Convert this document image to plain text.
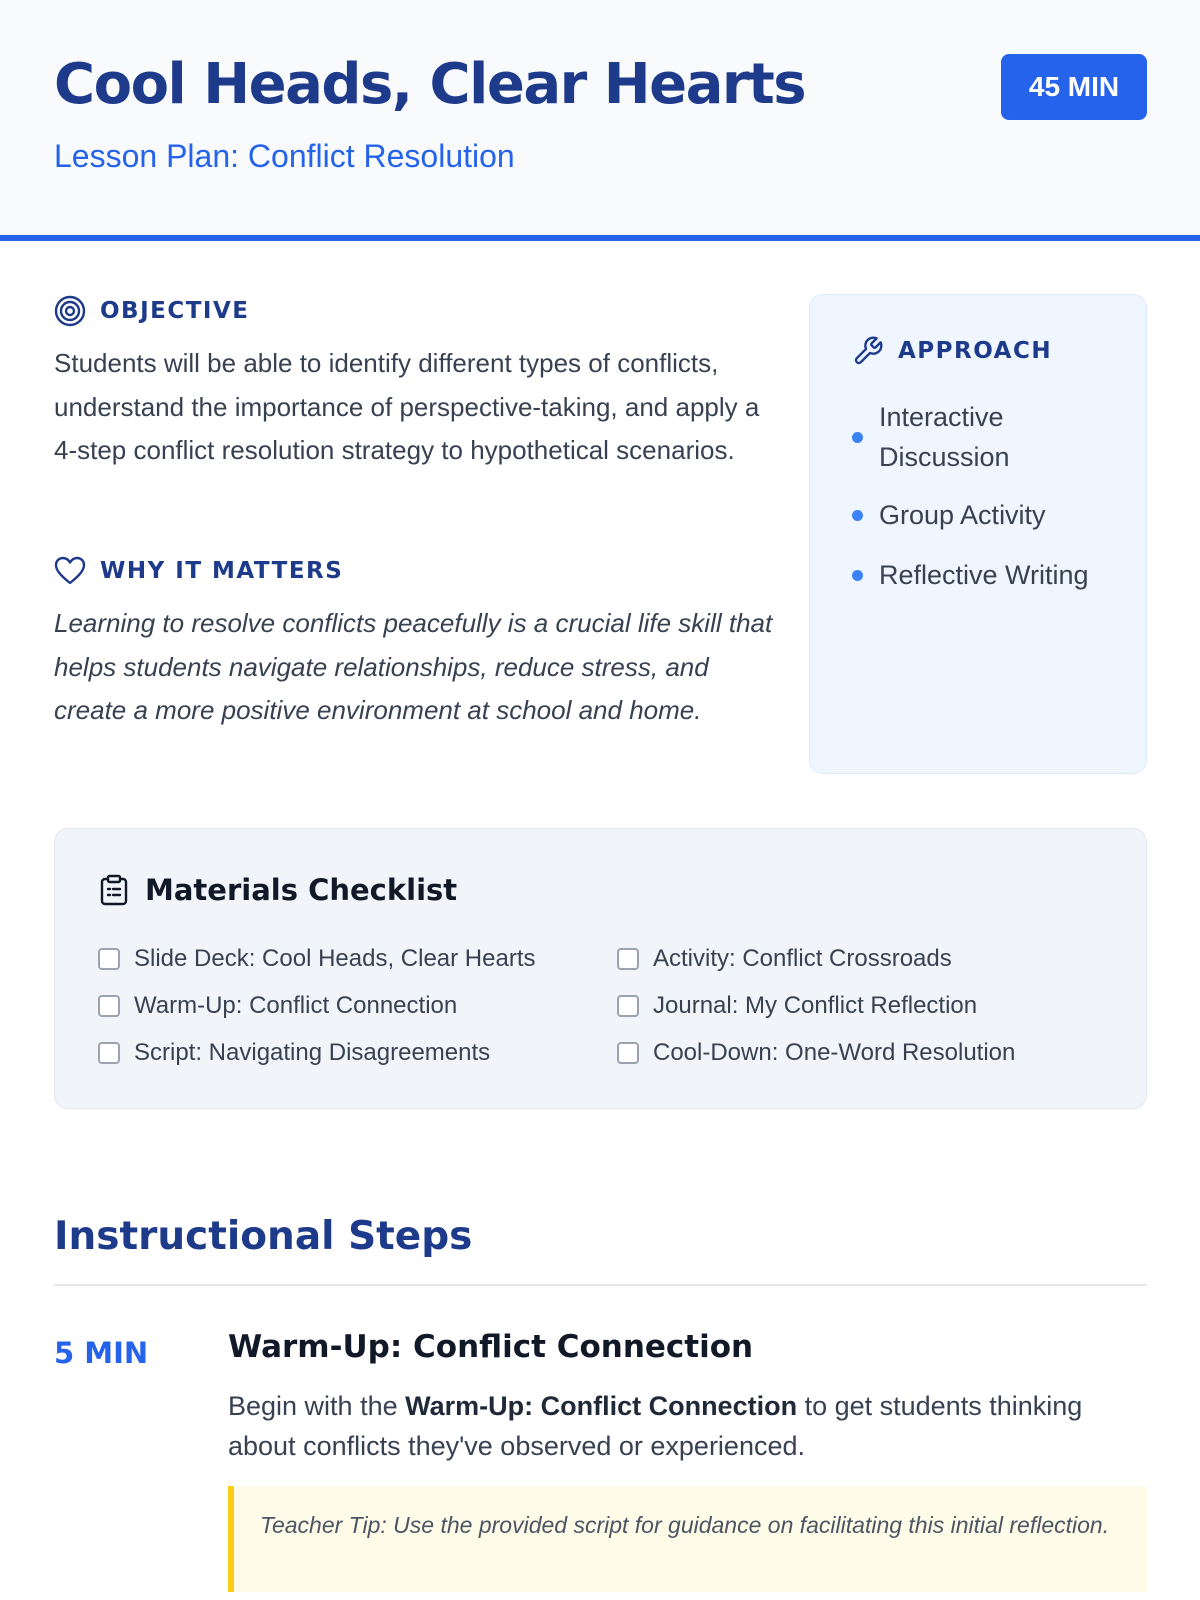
Cool Heads, Clear Hearts
Lesson Plan: Conflict Resolution
45 MIN
OBJECTIVE

Students will be able to identify different types of conflicts, understand the importance of perspective-taking, and apply a 4-step conflict resolution strategy to hypothetical scenarios.

WHY IT MATTERS

Learning to resolve conflicts peacefully is a crucial life skill that helps students navigate relationships, reduce stress, and create a more positive environment at school and home.

APPROACH
Interactive Discussion
Group Activity
Reflective Writing
Materials Checklist
Slide Deck: Cool Heads, Clear Hearts
Warm-Up: Conflict Connection
Script: Navigating Disagreements
Activity: Conflict Crossroads
Journal: My Conflict Reflection
Cool-Down: One-Word Resolution
Instructional Steps
5 MIN	Warm-Up: Conflict Connection

Begin with the Warm-Up: Conflict Connection to get students thinking about conflicts they've observed or experienced.

Teacher Tip: Use the provided script for guidance on facilitating this initial reflection.
